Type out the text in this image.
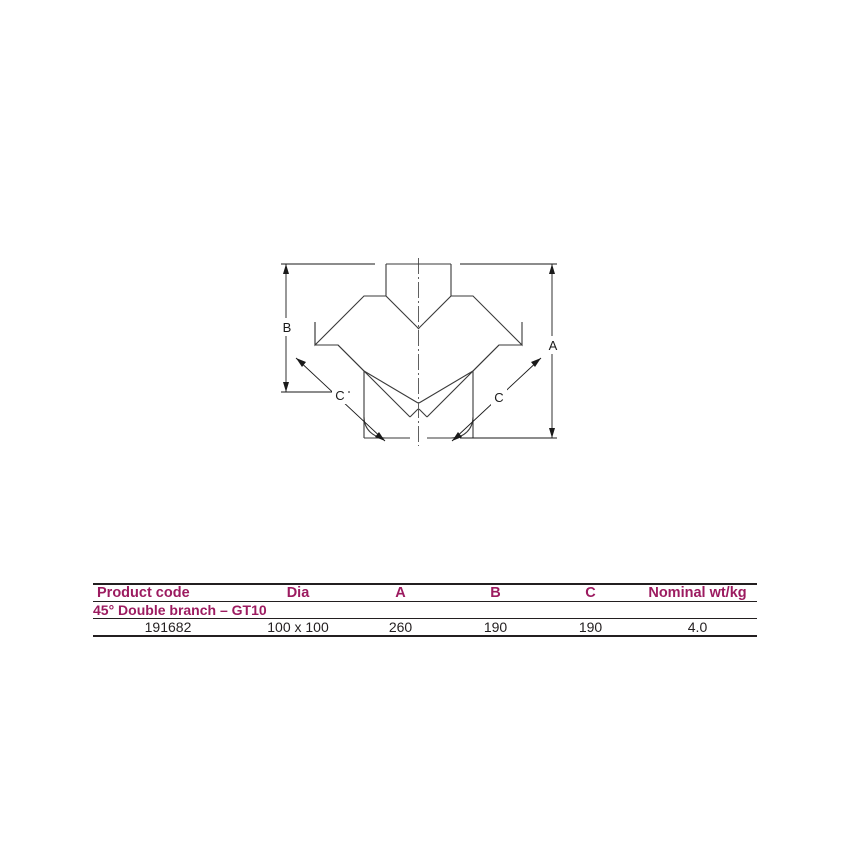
B
A
C	C
Product code	Dia	A	B	C	Nominal wt/kg
45° Double branch – GT10					
191682	100 x 100	260	190	190	4.0
